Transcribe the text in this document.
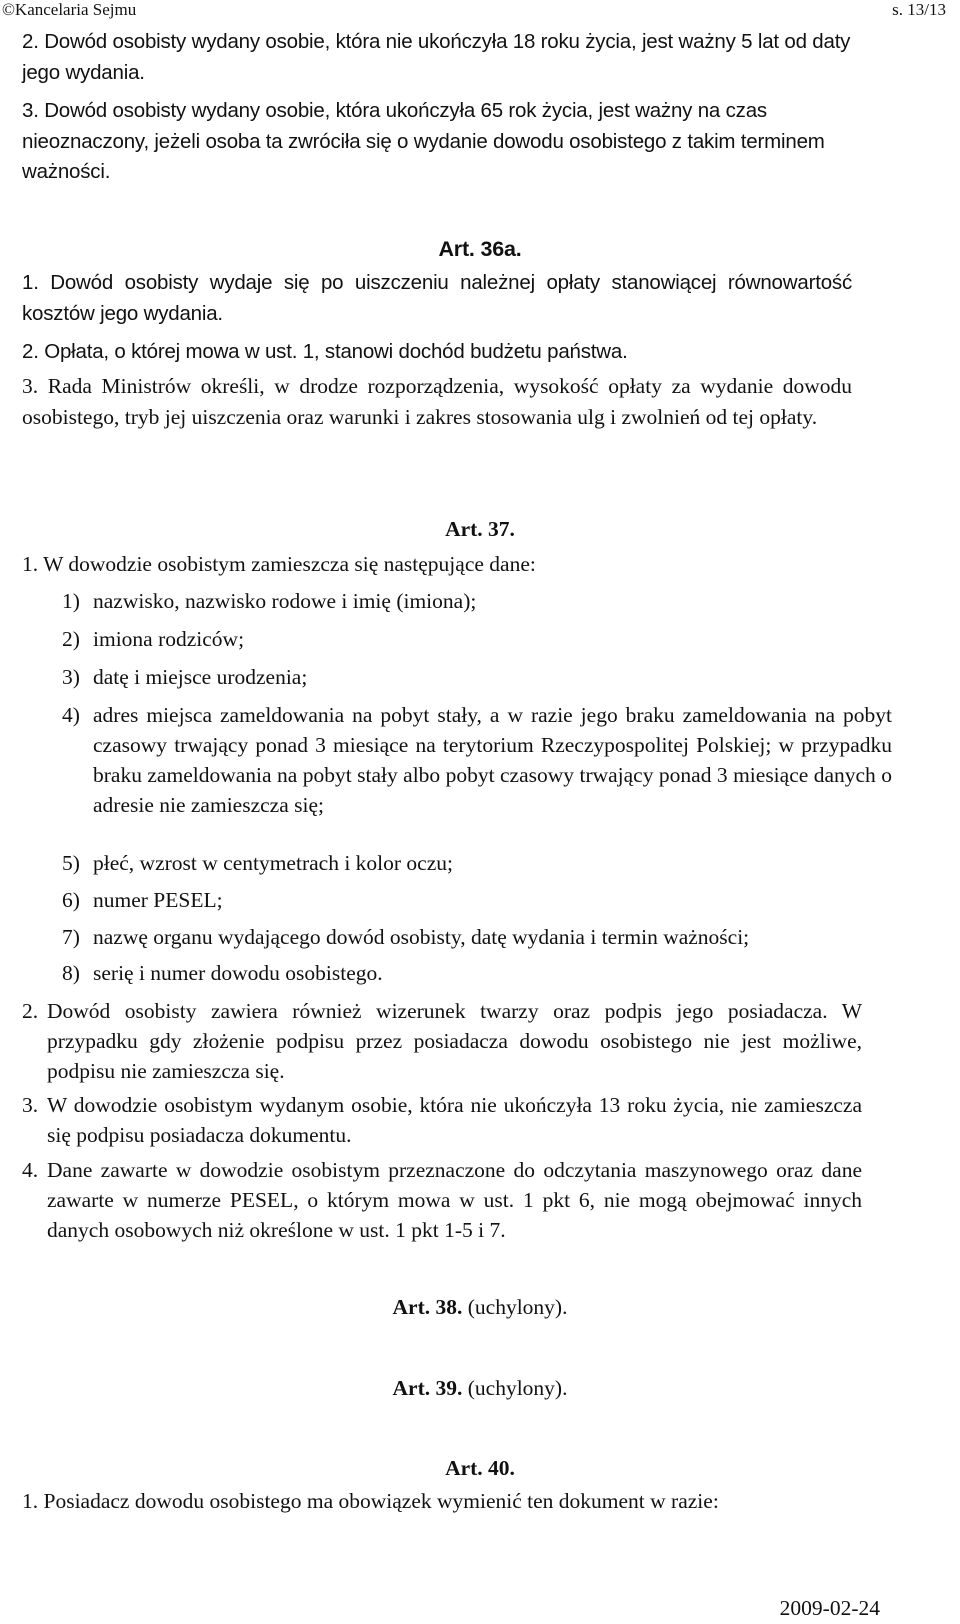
©Kancelaria Sejmu	s. 13/13
2. Dowód osobisty wydany osobie, która nie ukończyła 18 roku życia, jest ważny 5 lat od daty jego wydania.
3. Dowód osobisty wydany osobie, która ukończyła 65 rok życia, jest ważny na czas nieoznaczony, jeżeli osoba ta zwróciła się o wydanie dowodu osobistego z takim terminem ważności.
Art. 36a.
1. Dowód osobisty wydaje się po uiszczeniu należnej opłaty stanowiącej równowartość kosztów jego wydania.
2. Opłata, o której mowa w ust. 1, stanowi dochód budżetu państwa.
3. Rada Ministrów określi, w drodze rozporządzenia, wysokość opłaty za wydanie dowodu osobistego, tryb jej uiszczenia oraz warunki i zakres stosowania ulg i zwolnień od tej opłaty.
Art. 37.
1. W dowodzie osobistym zamieszcza się następujące dane:
1) nazwisko, nazwisko rodowe i imię (imiona);
2) imiona rodziców;
3) datę i miejsce urodzenia;
4) adres miejsca zameldowania na pobyt stały, a w razie jego braku zameldowania na pobyt czasowy trwający ponad 3 miesiące na terytorium Rzeczypospolitej Polskiej; w przypadku braku zameldowania na pobyt stały albo pobyt czasowy trwający ponad 3 miesiące danych o adresie nie zamieszcza się;
5) płeć, wzrost w centymetrach i kolor oczu;
6) numer PESEL;
7) nazwę organu wydającego dowód osobisty, datę wydania i termin ważności;
8) serię i numer dowodu osobistego.
2. Dowód osobisty zawiera również wizerunek twarzy oraz podpis jego posiadacza. W przypadku gdy złożenie podpisu przez posiadacza dowodu osobistego nie jest możliwe, podpisu nie zamieszcza się.
3. W dowodzie osobistym wydanym osobie, która nie ukończyła 13 roku życia, nie zamieszcza się podpisu posiadacza dokumentu.
4. Dane zawarte w dowodzie osobistym przeznaczone do odczytania maszynowego oraz dane zawarte w numerze PESEL, o którym mowa w ust. 1 pkt 6, nie mogą obejmować innych danych osobowych niż określone w ust. 1 pkt 1-5 i 7.
Art. 38. (uchylony).
Art. 39. (uchylony).
Art. 40.
1. Posiadacz dowodu osobistego ma obowiązek wymienić ten dokument w razie:
2009-02-24
